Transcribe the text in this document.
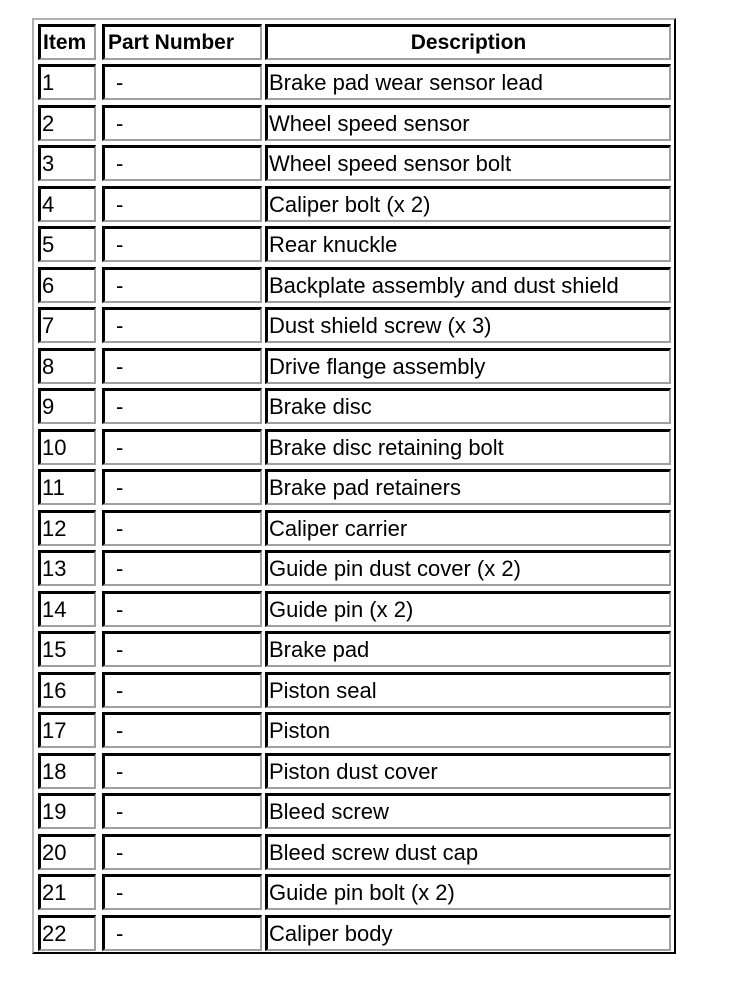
Item	Part Number	Description
1	-	Brake pad wear sensor lead
2	-	Wheel speed sensor
3	-	Wheel speed sensor bolt
4	-	Caliper bolt (x 2)
5	-	Rear knuckle
6	-	Backplate assembly and dust shield
7	-	Dust shield screw (x 3)
8	-	Drive flange assembly
9	-	Brake disc
10	-	Brake disc retaining bolt
11	-	Brake pad retainers
12	-	Caliper carrier
13	-	Guide pin dust cover (x 2)
14	-	Guide pin (x 2)
15	-	Brake pad
16	-	Piston seal
17	-	Piston
18	-	Piston dust cover
19	-	Bleed screw
20	-	Bleed screw dust cap
21	-	Guide pin bolt (x 2)
22	-	Caliper body
